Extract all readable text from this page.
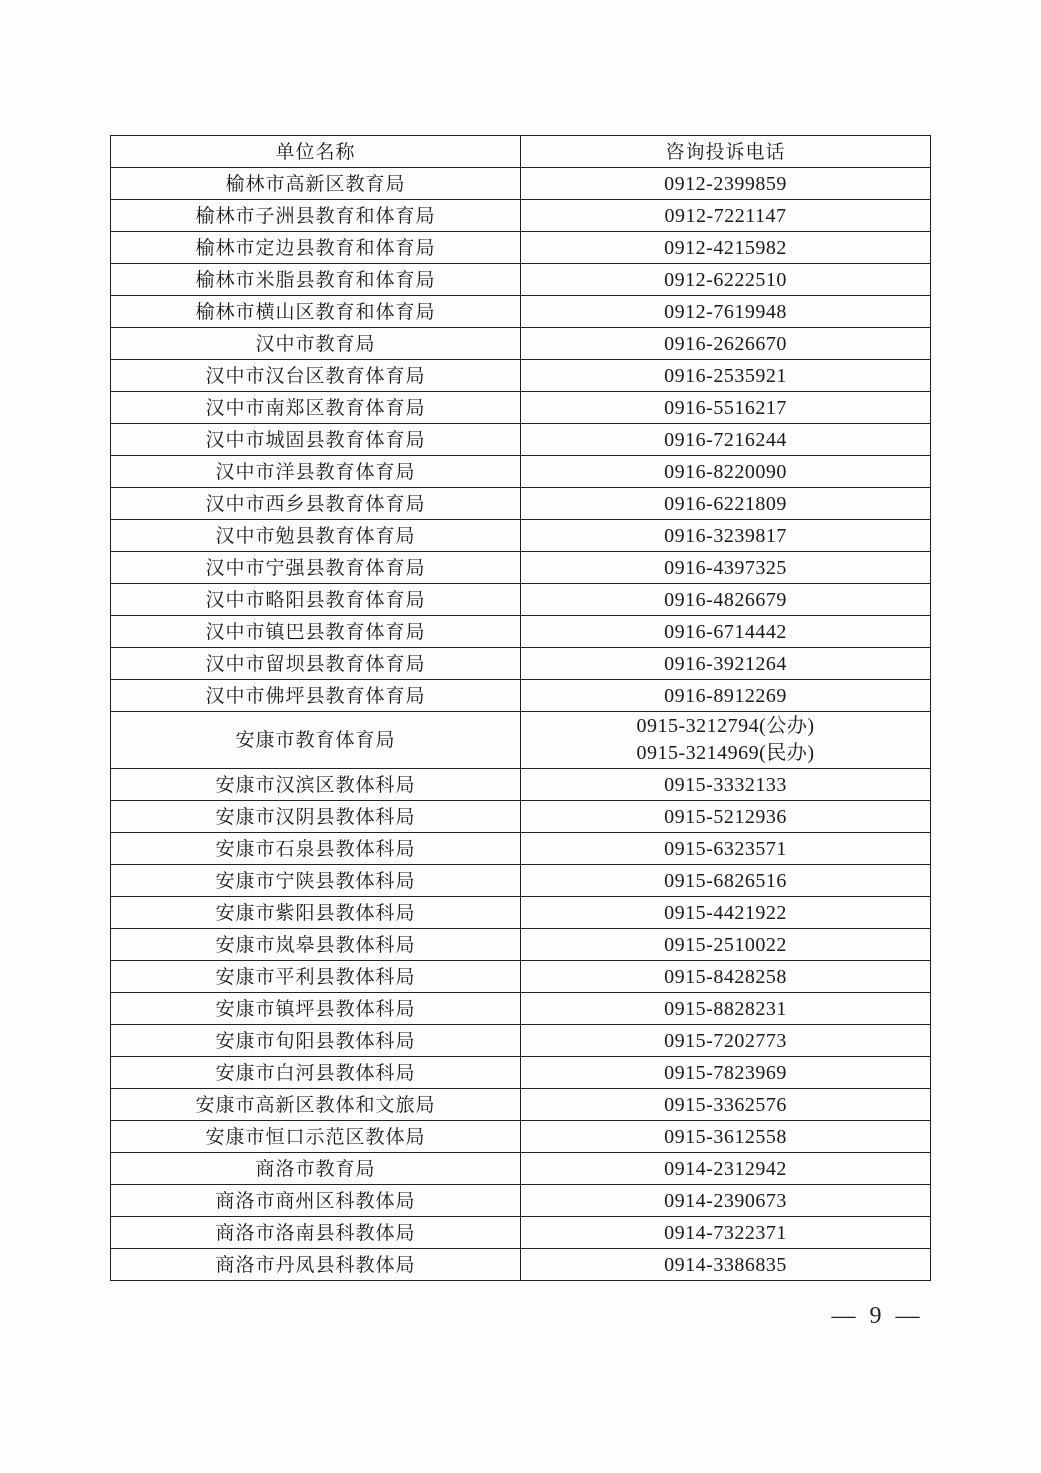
单位名称	咨询投诉电话
榆林市高新区教育局	0912-2399859

榆林市子洲县教育和体育局	0912-7221147

榆林市定边县教育和体育局	0912-4215982

榆林市米脂县教育和体育局	0912-6222510

榆林市横山区教育和体育局	0912-7619948

汉中市教育局	0916-2626670

汉中市汉台区教育体育局	0916-2535921

汉中市南郑区教育体育局	0916-5516217

汉中市城固县教育体育局	0916-7216244

汉中市洋县教育体育局	0916-8220090

汉中市西乡县教育体育局	0916-6221809

汉中市勉县教育体育局	0916-3239817

汉中市宁强县教育体育局	0916-4397325

汉中市略阳县教育体育局	0916-4826679

汉中市镇巴县教育体育局	0916-6714442

汉中市留坝县教育体育局	0916-3921264

汉中市佛坪县教育体育局	0916-8912269

安康市教育体育局	0915-3212794(公办)
0915-3214969(民办)

安康市汉滨区教体科局	0915-3332133

安康市汉阴县教体科局	0915-5212936

安康市石泉县教体科局	0915-6323571

安康市宁陕县教体科局	0915-6826516

安康市紫阳县教体科局	0915-4421922

安康市岚皋县教体科局	0915-2510022

安康市平利县教体科局	0915-8428258

安康市镇坪县教体科局	0915-8828231

安康市旬阳县教体科局	0915-7202773

安康市白河县教体科局	0915-7823969

安康市高新区教体和文旅局	0915-3362576

安康市恒口示范区教体局	0915-3612558

商洛市教育局	0914-2312942

商洛市商州区科教体局	0914-2390673

商洛市洛南县科教体局	0914-7322371

商洛市丹凤县科教体局	0914-3386835
— 9 —
